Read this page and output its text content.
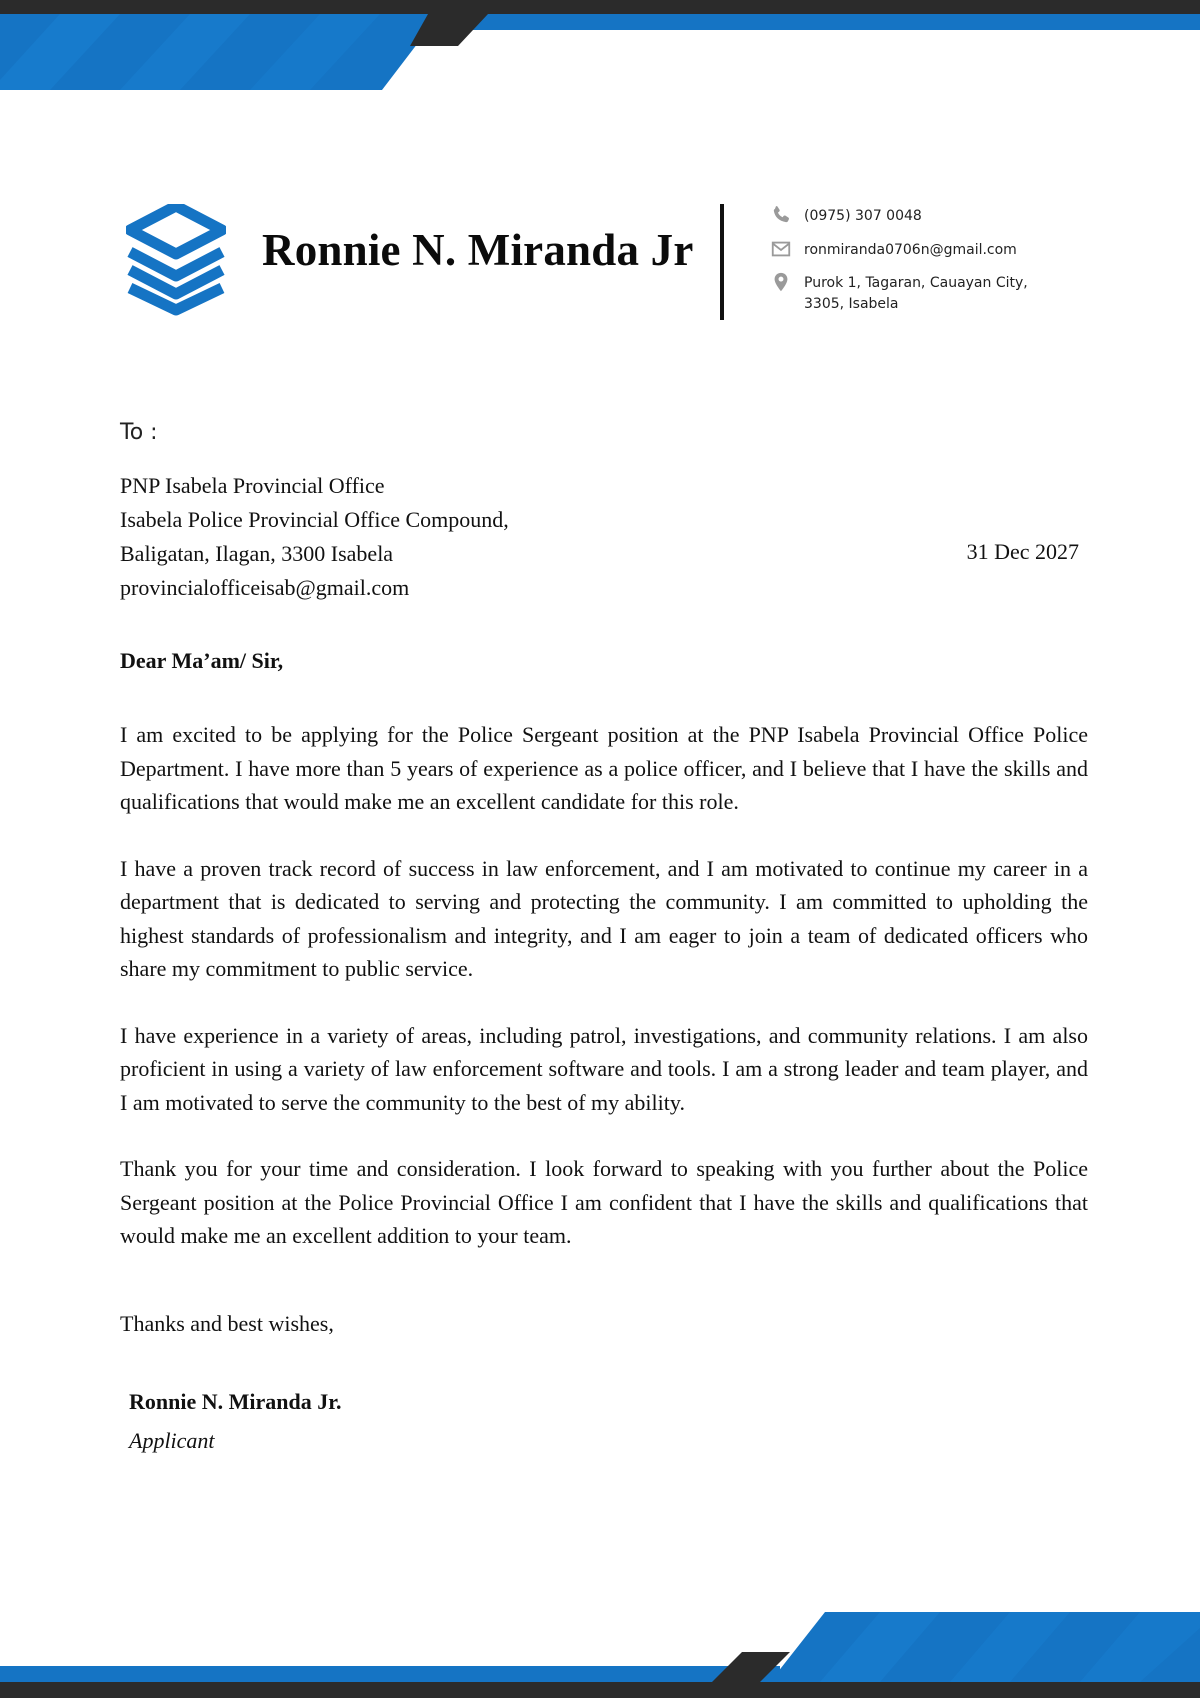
Ronnie N. Miranda Jr
(0975) 307 0048
ronmiranda0706n@gmail.com
Purok 1, Tagaran, Cauayan City, 3305, Isabela
To :
PNP Isabela Provincial Office
Isabela Police Provincial Office Compound,
Baligatan, Ilagan, 3300 Isabela
provincialofficeisab@gmail.com
31 Dec 2027
Dear Ma’am/ Sir,

I am excited to be applying for the Police Sergeant position at the PNP Isabela Provincial Office Police Department. I have more than 5 years of experience as a police officer, and I believe that I have the skills and qualifications that would make me an excellent candidate for this role.

I have a proven track record of success in law enforcement, and I am motivated to continue my career in a department that is dedicated to serving and protecting the community. I am committed to upholding the highest standards of professionalism and integrity, and I am eager to join a team of dedicated officers who share my commitment to public service.

I have experience in a variety of areas, including patrol, investigations, and community relations. I am also proficient in using a variety of law enforcement software and tools. I am a strong leader and team player, and I am motivated to serve the community to the best of my ability.

Thank you for your time and consideration. I look forward to speaking with you further about the Police Sergeant position at the Police Provincial Office I am confident that I have the skills and qualifications that would make me an excellent addition to your team.

Thanks and best wishes,
Ronnie N. Miranda Jr.
Applicant
